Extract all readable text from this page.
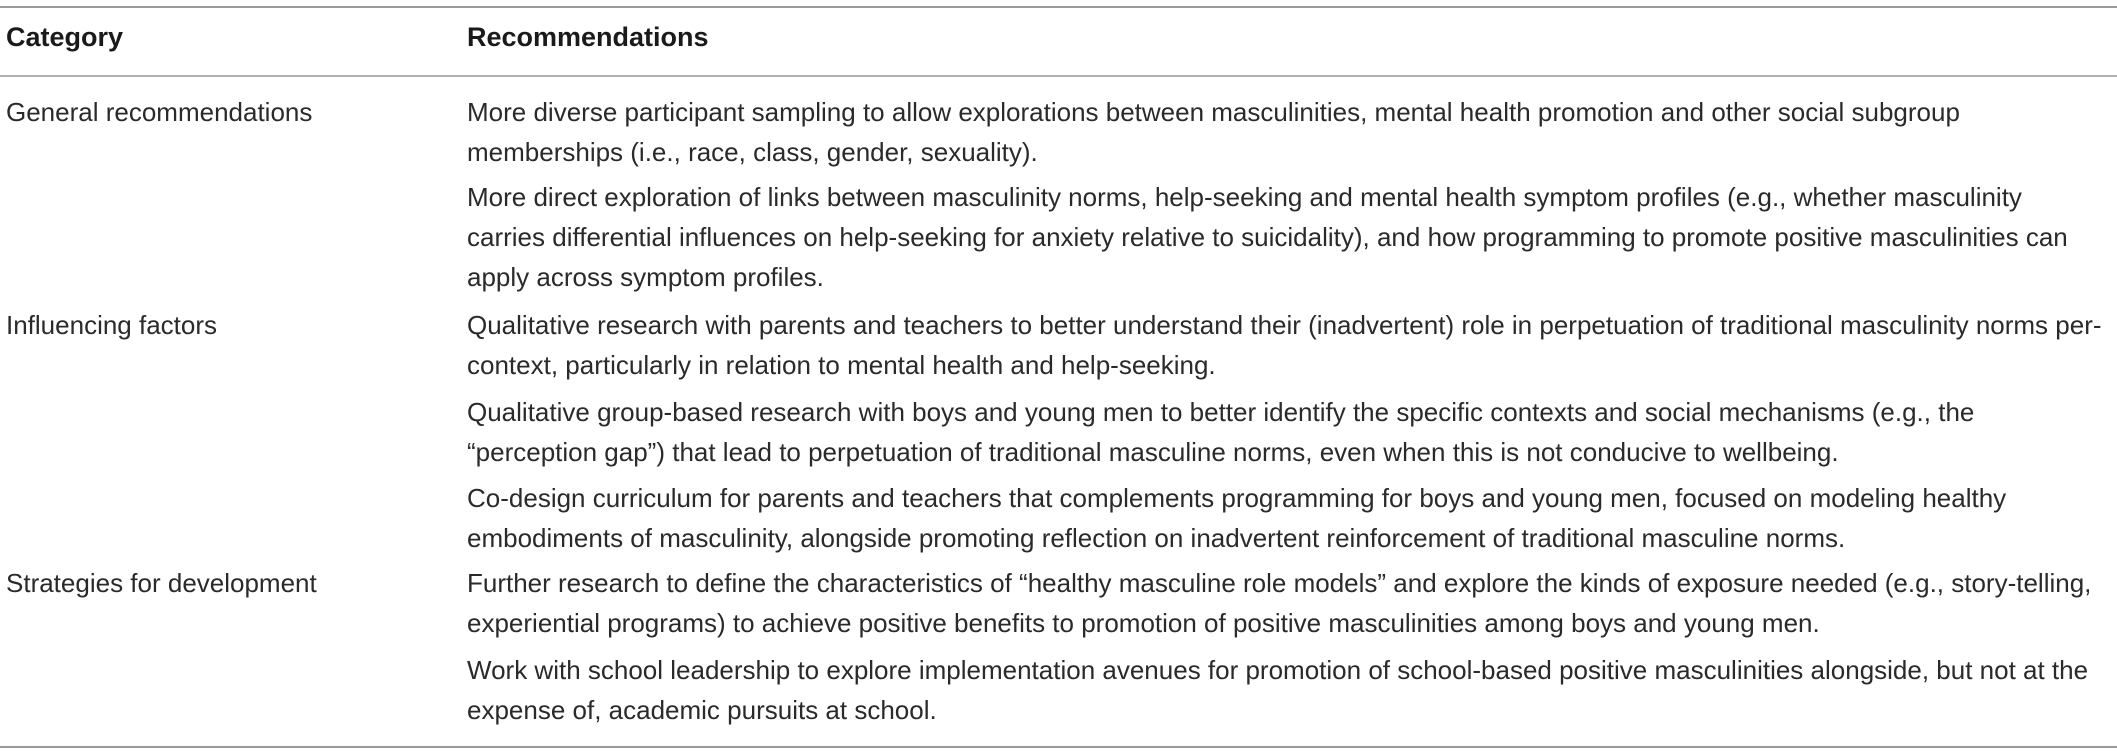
Category	Recommendations
General recommendations	More diverse participant sampling to allow explorations between masculinities, mental health promotion and other social subgroup memberships (i.e., race, class, gender, sexuality).
More direct exploration of links between masculinity norms, help-seeking and mental health symptom profiles (e.g., whether masculinity carries differential influences on help-seeking for anxiety relative to suicidality), and how programming to promote positive masculinities can apply across symptom profiles.
Influencing factors	Qualitative research with parents and teachers to better understand their (inadvertent) role in perpetuation of traditional masculinity norms per-context, particularly in relation to mental health and help-seeking.
Qualitative group-based research with boys and young men to better identify the specific contexts and social mechanisms (e.g., the “perception gap”) that lead to perpetuation of traditional masculine norms, even when this is not conducive to wellbeing.
Co-design curriculum for parents and teachers that complements programming for boys and young men, focused on modeling healthy embodiments of masculinity, alongside promoting reflection on inadvertent reinforcement of traditional masculine norms.
Strategies for development	Further research to define the characteristics of “healthy masculine role models” and explore the kinds of exposure needed (e.g., story-telling, experiential programs) to achieve positive benefits to promotion of positive masculinities among boys and young men.
Work with school leadership to explore implementation avenues for promotion of school-based positive masculinities alongside, but not at the expense of, academic pursuits at school.
